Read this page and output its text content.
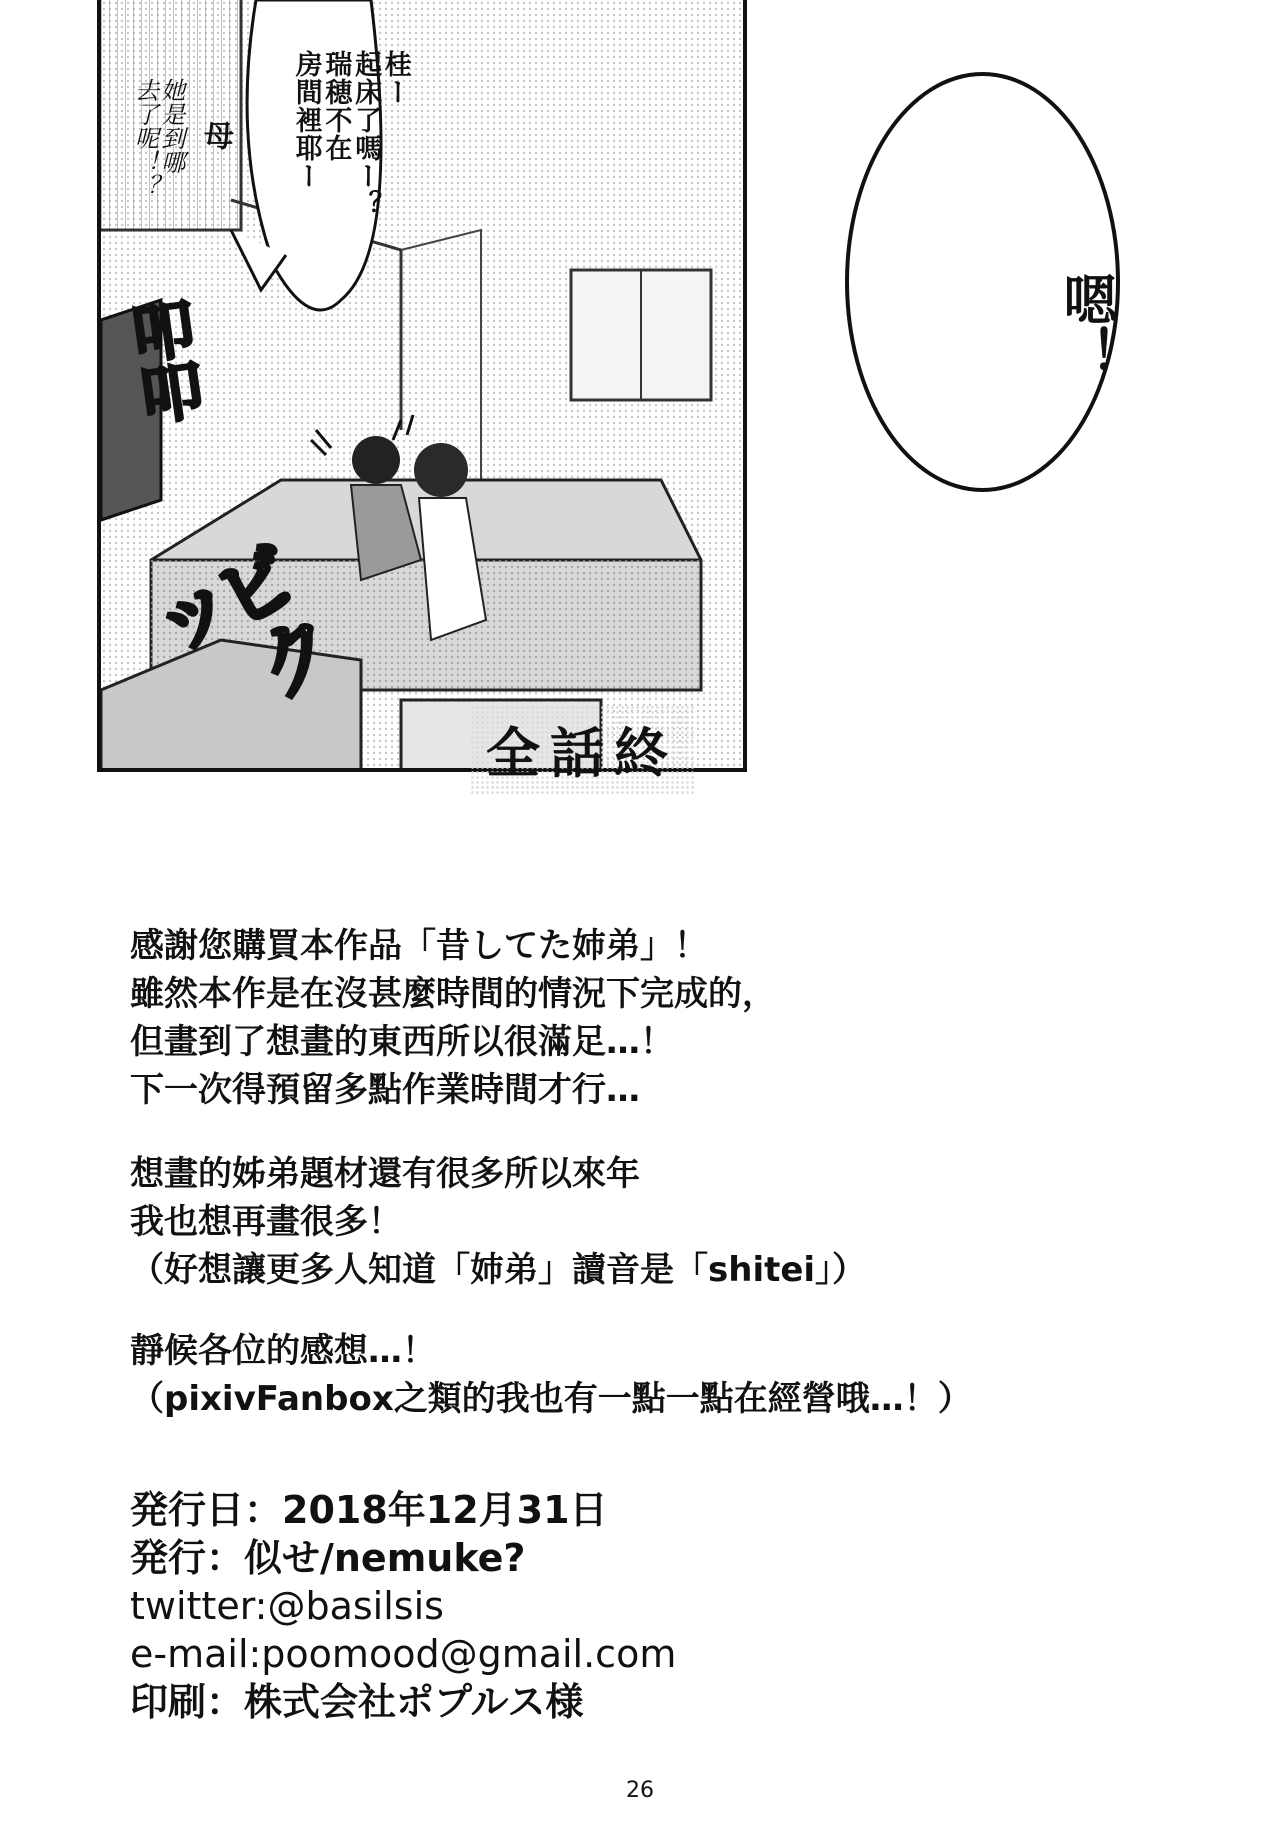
桂ー
起床了嗎ー？
瑞穂不在
房間裡耶ー
母
她是到哪
去了呢！？
叩叩
ビクッ
嗯！
全話終
感謝您購買本作品「昔してた姉弟」！
雖然本作是在沒甚麼時間的情況下完成的，
但畫到了想畫的東西所以很滿足…！
下一次得預留多點作業時間才行…
想畫的姊弟題材還有很多所以來年
我也想再畫很多！
（好想讓更多人知道「姉弟」讀音是「shitei」）
靜候各位的感想…！
（pixivFanbox之類的我也有一點一點在經營哦…！）
発行日：2018年12月31日
発行：似せ/nemuke?
twitter:@basilsis
e-mail:poomood@gmail.com
印刷：株式会社ポプルス様
26
